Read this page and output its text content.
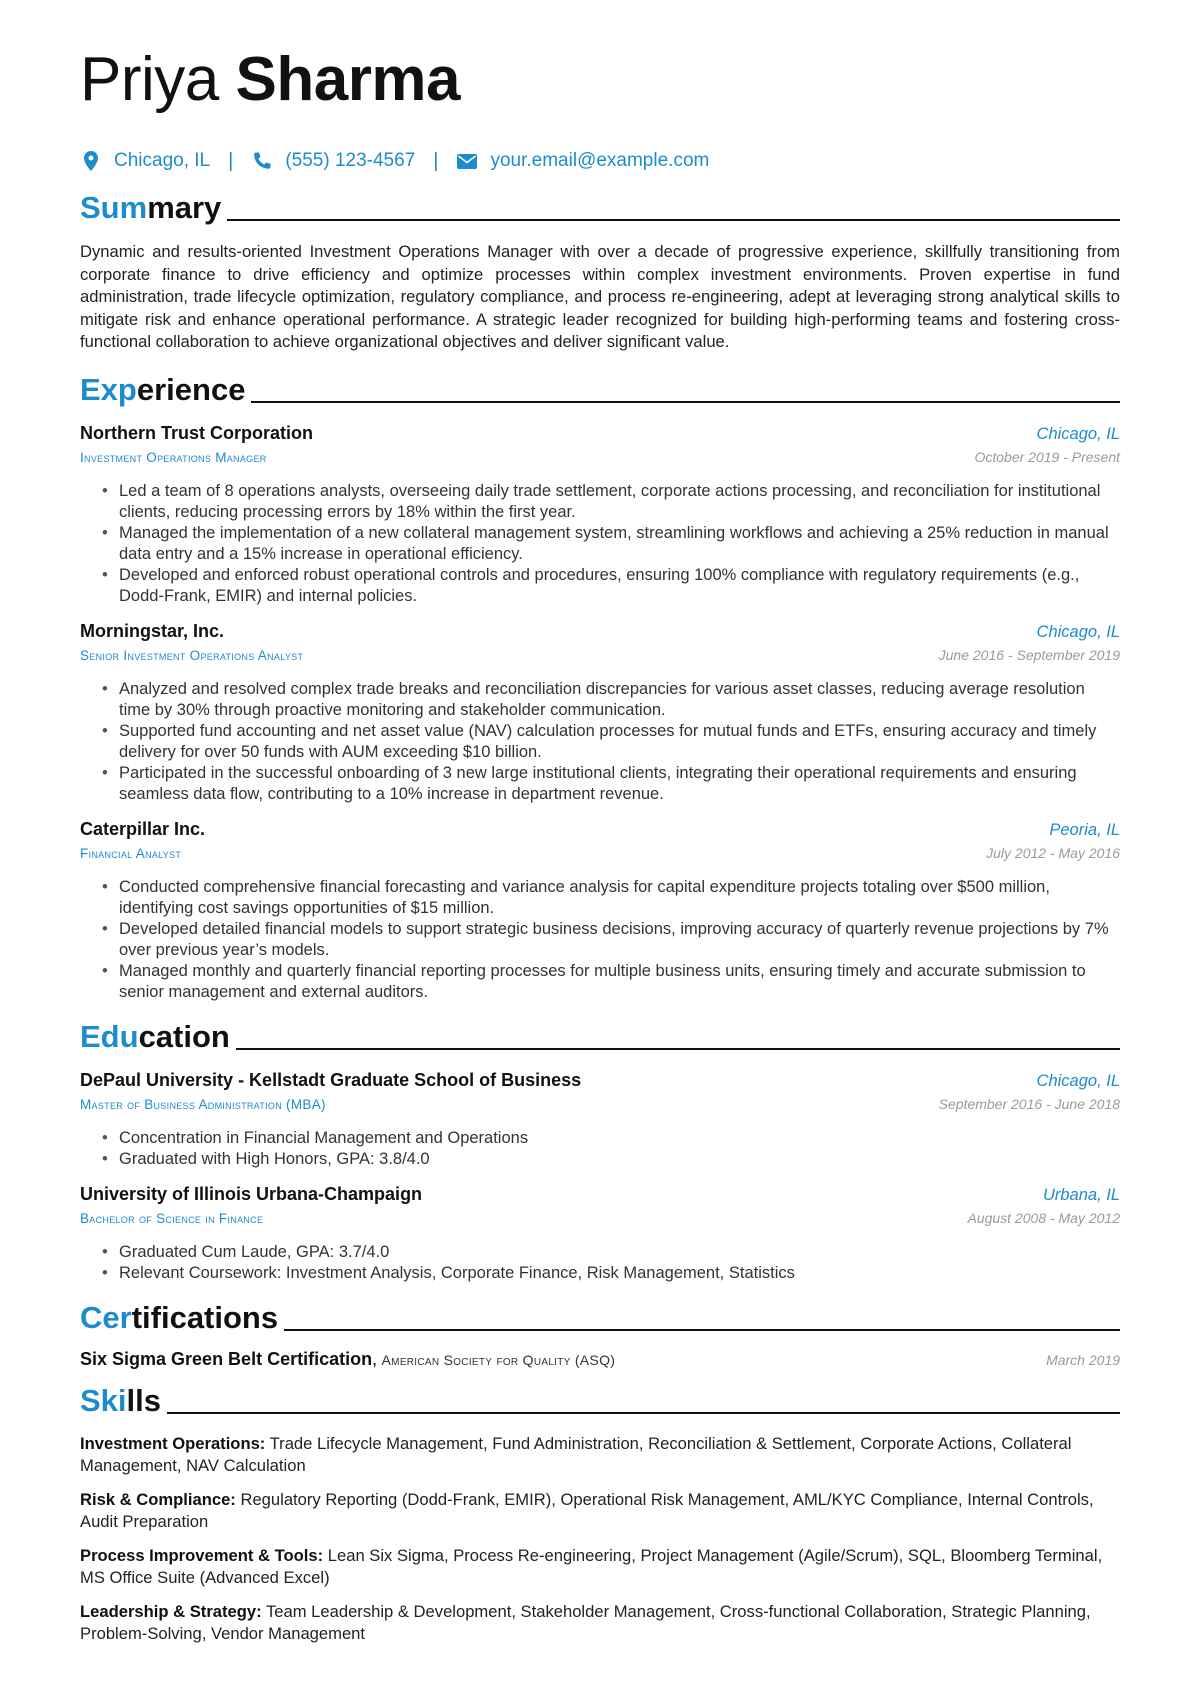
Priya Sharma
Chicago, IL |	(555) 123-4567 |	your.email@example.com
Summary

Dynamic and results-oriented Investment Operations Manager with over a decade of progressive experience, skillfully transitioning from corporate finance to drive efficiency and optimize processes within complex investment environments. Proven expertise in fund administration, trade lifecycle optimization, regulatory compliance, and process re-engineering, adept at leveraging strong analytical skills to mitigate risk and enhance operational performance. A strategic leader recognized for building high-performing teams and fostering cross-functional collaboration to achieve organizational objectives and deliver significant value.

Experience
Northern Trust Corporation	Chicago, IL
Investment Operations Manager	October 2019 - Present
• Led a team of 8 operations analysts, overseeing daily trade settlement, corporate actions processing, and reconciliation for institutional clients, reducing processing errors by 18% within the first year.
• Managed the implementation of a new collateral management system, streamlining workflows and achieving a 25% reduction in manual data entry and a 15% increase in operational efficiency.
• Developed and enforced robust operational controls and procedures, ensuring 100% compliance with regulatory requirements (e.g., Dodd-Frank, EMIR) and internal policies.
Morningstar, Inc.	Chicago, IL
Senior Investment Operations Analyst	June 2016 - September 2019
• Analyzed and resolved complex trade breaks and reconciliation discrepancies for various asset classes, reducing average resolution time by 30% through proactive monitoring and stakeholder communication.
• Supported fund accounting and net asset value (NAV) calculation processes for mutual funds and ETFs, ensuring accuracy and timely delivery for over 50 funds with AUM exceeding $10 billion.
• Participated in the successful onboarding of 3 new large institutional clients, integrating their operational requirements and ensuring seamless data flow, contributing to a 10% increase in department revenue.
Caterpillar Inc.	Peoria, IL
Financial Analyst	July 2012 - May 2016
• Conducted comprehensive financial forecasting and variance analysis for capital expenditure projects totaling over $500 million, identifying cost savings opportunities of $15 million.
• Developed detailed financial models to support strategic business decisions, improving accuracy of quarterly revenue projections by 7% over previous year’s models.
• Managed monthly and quarterly financial reporting processes for multiple business units, ensuring timely and accurate submission to senior management and external auditors.
Education
DePaul University - Kellstadt Graduate School of Business	Chicago, IL
Master of Business Administration (MBA)	September 2016 - June 2018
• Concentration in Financial Management and Operations
• Graduated with High Honors, GPA: 3.8/4.0
University of Illinois Urbana-Champaign	Urbana, IL
Bachelor of Science in Finance	August 2008 - May 2012
• Graduated Cum Laude, GPA: 3.7/4.0
• Relevant Coursework: Investment Analysis, Corporate Finance, Risk Management, Statistics
Certifications
Six Sigma Green Belt Certification, American Society for Quality (ASQ)	March 2019
Skills

Investment Operations: Trade Lifecycle Management, Fund Administration, Reconciliation & Settlement, Corporate Actions, Collateral Management, NAV Calculation

Risk & Compliance: Regulatory Reporting (Dodd-Frank, EMIR), Operational Risk Management, AML/KYC Compliance, Internal Controls, Audit Preparation

Process Improvement & Tools: Lean Six Sigma, Process Re-engineering, Project Management (Agile/Scrum), SQL, Bloomberg Terminal, MS Office Suite (Advanced Excel)

Leadership & Strategy: Team Leadership & Development, Stakeholder Management, Cross-functional Collaboration, Strategic Planning, Problem-Solving, Vendor Management
